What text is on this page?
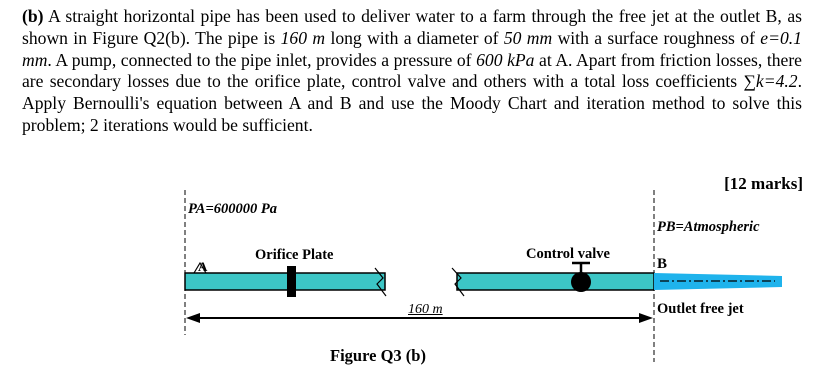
(b) A straight horizontal pipe has been used to deliver water to a farm through the free jet at the outlet B, as shown in Figure Q2(b). The pipe is 160 m long with a diameter of 50 mm with a surface roughness of e=0.1 mm. A pump, connected to the pipe inlet, provides a pressure of 600 kPa at A. Apart from friction losses, there are secondary losses due to the orifice plate, control valve and others with a total loss coefficients ∑k=4.2. Apply Bernoulli's equation between A and B and use the Moody Chart and iteration method to solve this problem; 2 iterations would be sufficient.

[12 marks]
PA=600000 Pa
PB=Atmospheric
Orifice Plate	Control valve
A	B
160 m	Outlet free jet
Figure Q3 (b)
